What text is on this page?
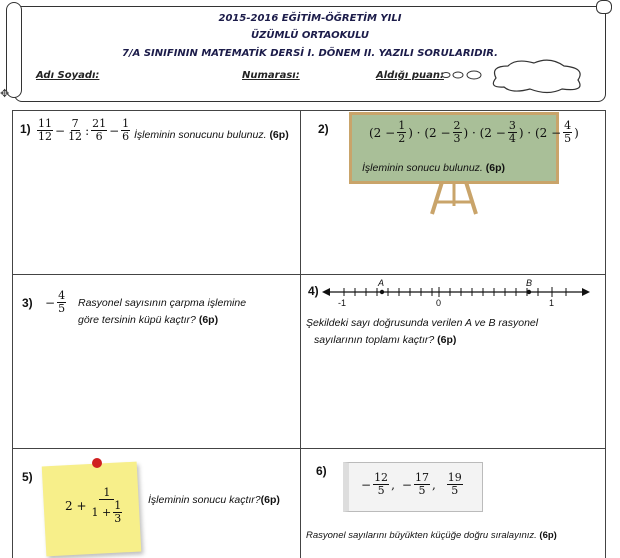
2015-2016 EĞİTİM-ÖĞRETİM YILI
ÜZÜMLÜ ORTAOKULU
7/A SINIFININ MATEMATİK DERSİ I. DÖNEM II. YAZILI SORULARIDIR.
Adı Soyadı:	Numarası:	Aldığı puan:
✥
$1) \frac{11}{12} - \frac{7}{12}$ : $\frac{21}{6} - \frac{1}{6}$ İşleminin sonucunu bulunuz. (6p) 2)	($2 - \frac{1}{2}$ ) · ($2 - \frac{2}{3}$ ) · ($2 - \frac{3}{4}$ ) · ($2 - \frac{4}{5}$ )
İşleminin sonucu bulunuz. (6p)
$3) - \frac{4}{5}$ Rasyonel sayısının çarpma işlemine
göre tersinin küpü kaçtır? (6p)
4)
A	B
-1	0	1
Şekildeki sayı doğrusunda verilen A ve B rasyonel
sayılarının toplamı kaçtır? (6p)
5)
$2 + \frac{1}{1 + \frac{1}{3}}$ İşleminin sonucu kaçtır?(6p)
6)
− $\frac{12}{5}$ , − $\frac{17}{5}$ , $\frac{19}{5}$
Rasyonel sayılarını büyükten küçüğe doğru sıralayınız. (6p)
